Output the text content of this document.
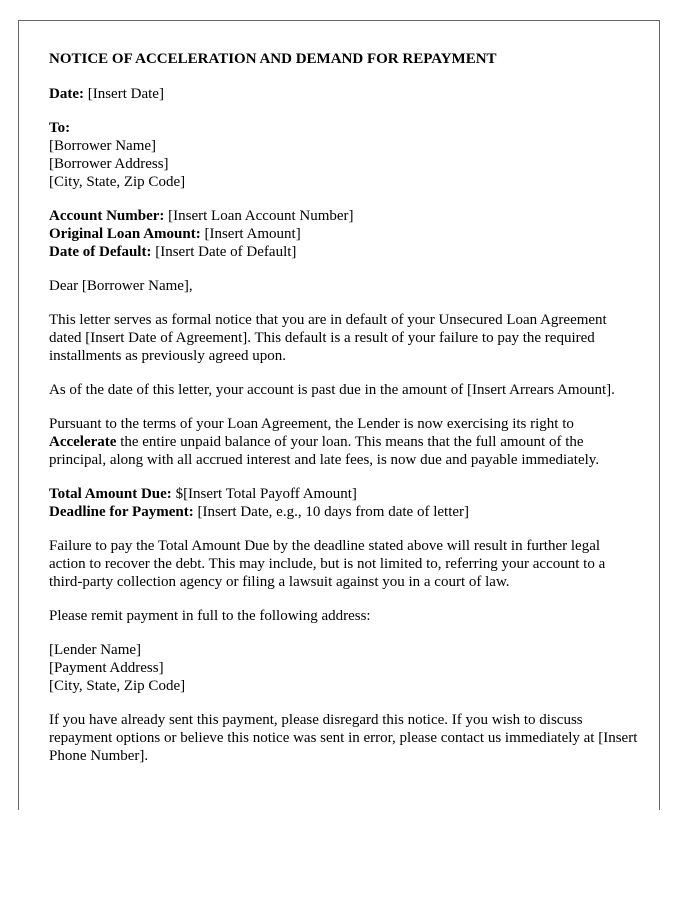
NOTICE OF ACCELERATION AND DEMAND FOR REPAYMENT

Date: [Insert Date]

To:
[Borrower Name]
[Borrower Address]
[City, State, Zip Code]

Account Number: [Insert Loan Account Number]
Original Loan Amount: [Insert Amount]
Date of Default: [Insert Date of Default]

Dear [Borrower Name],

This letter serves as formal notice that you are in default of your Unsecured Loan Agreement dated [Insert Date of Agreement]. This default is a result of your failure to pay the required installments as previously agreed upon.

As of the date of this letter, your account is past due in the amount of [Insert Arrears Amount].

Pursuant to the terms of your Loan Agreement, the Lender is now exercising its right to Accelerate the entire unpaid balance of your loan. This means that the full amount of the principal, along with all accrued interest and late fees, is now due and payable immediately.

Total Amount Due: $[Insert Total Payoff Amount]
Deadline for Payment: [Insert Date, e.g., 10 days from date of letter]

Failure to pay the Total Amount Due by the deadline stated above will result in further legal action to recover the debt. This may include, but is not limited to, referring your account to a third-party collection agency or filing a lawsuit against you in a court of law.

Please remit payment in full to the following address:

[Lender Name]
[Payment Address]
[City, State, Zip Code]

If you have already sent this payment, please disregard this notice. If you wish to discuss repayment options or believe this notice was sent in error, please contact us immediately at [Insert Phone Number].
